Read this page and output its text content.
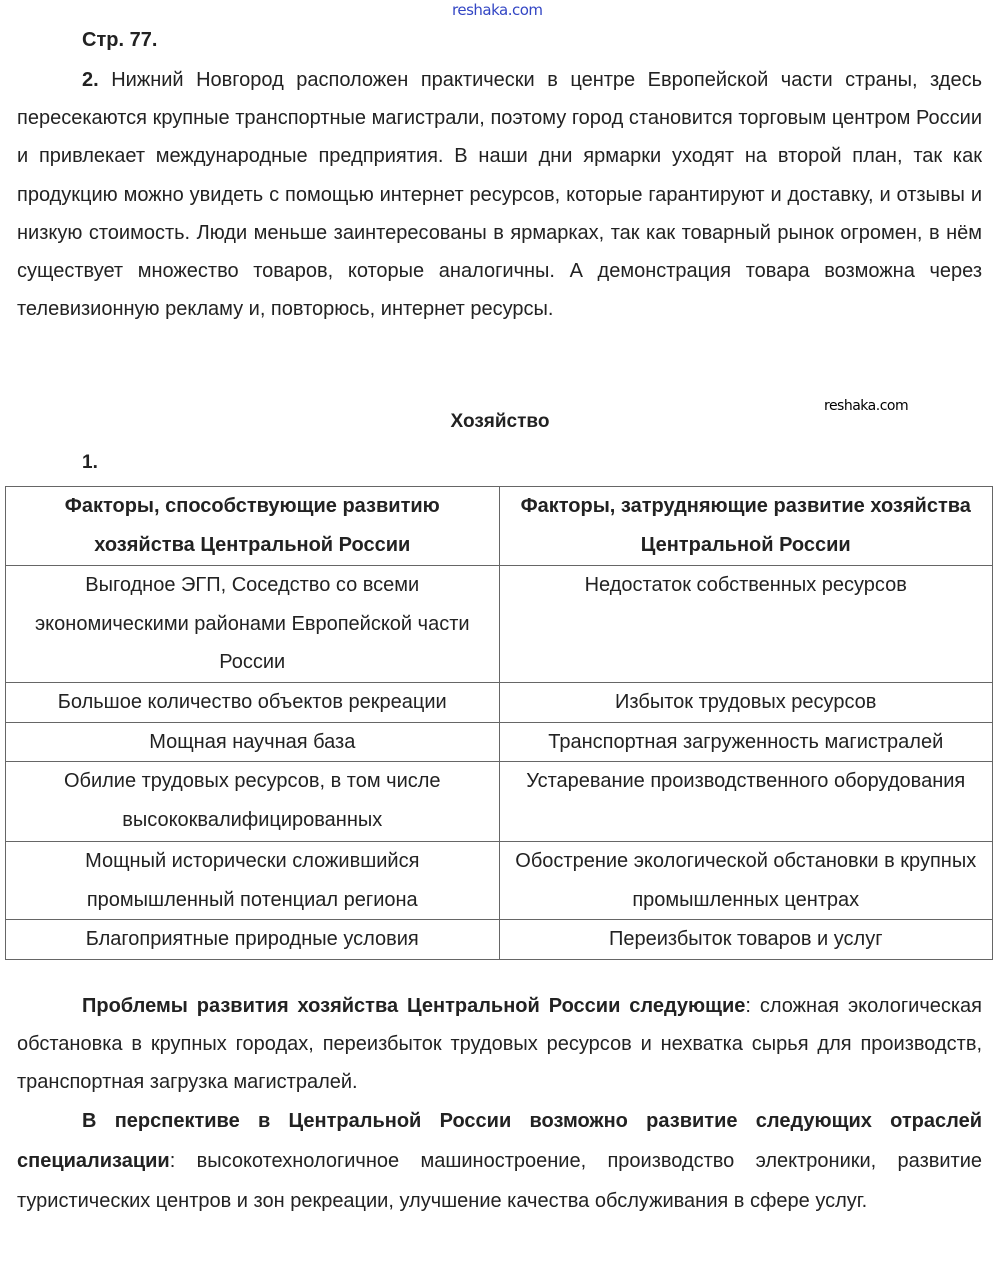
reshaka.com
Стр. 77.
2. Нижний Новгород расположен практически в центре Европейской части страны, здесь пересекаются крупные транспортные магистрали, поэтому город становится торговым центром России и привлекает международные предприятия. В наши дни ярмарки уходят на второй план, так как продукцию можно увидеть с помощью интернет ресурсов, которые гарантируют и доставку, и отзывы и низкую стоимость. Люди меньше заинтересованы в ярмарках, так как товарный рынок огромен, в нём существует множество товаров, которые аналогичны. А демонстрация товара возможна через телевизионную рекламу и, повторюсь, интернет ресурсы.
Хозяйство
reshaka.com
1.
Факторы, способствующие развитию хозяйства Центральной России	Факторы, затрудняющие развитие хозяйства Центральной России
Выгодное ЭГП, Соседство со всеми экономическими районами Европейской части России	Недостаток собственных ресурсов
Большое количество объектов рекреации	Избыток трудовых ресурсов
Мощная научная база	Транспортная загруженность магистралей
Обилие трудовых ресурсов, в том числе высококвалифицированных	Устаревание производственного оборудования
Мощный исторически сложившийся промышленный потенциал региона	Обострение экологической обстановки в крупных промышленных центрах
Благоприятные природные условия	Переизбыток товаров и услуг
Проблемы развития хозяйства Центральной России следующие: сложная экологическая обстановка в крупных городах, переизбыток трудовых ресурсов и нехватка сырья для производств, транспортная загрузка магистралей.
В перспективе в Центральной России возможно развитие следующих отраслей специализации: высокотехнологичное машиностроение, производство электроники, развитие туристических центров и зон рекреации, улучшение качества обслуживания в сфере услуг.
